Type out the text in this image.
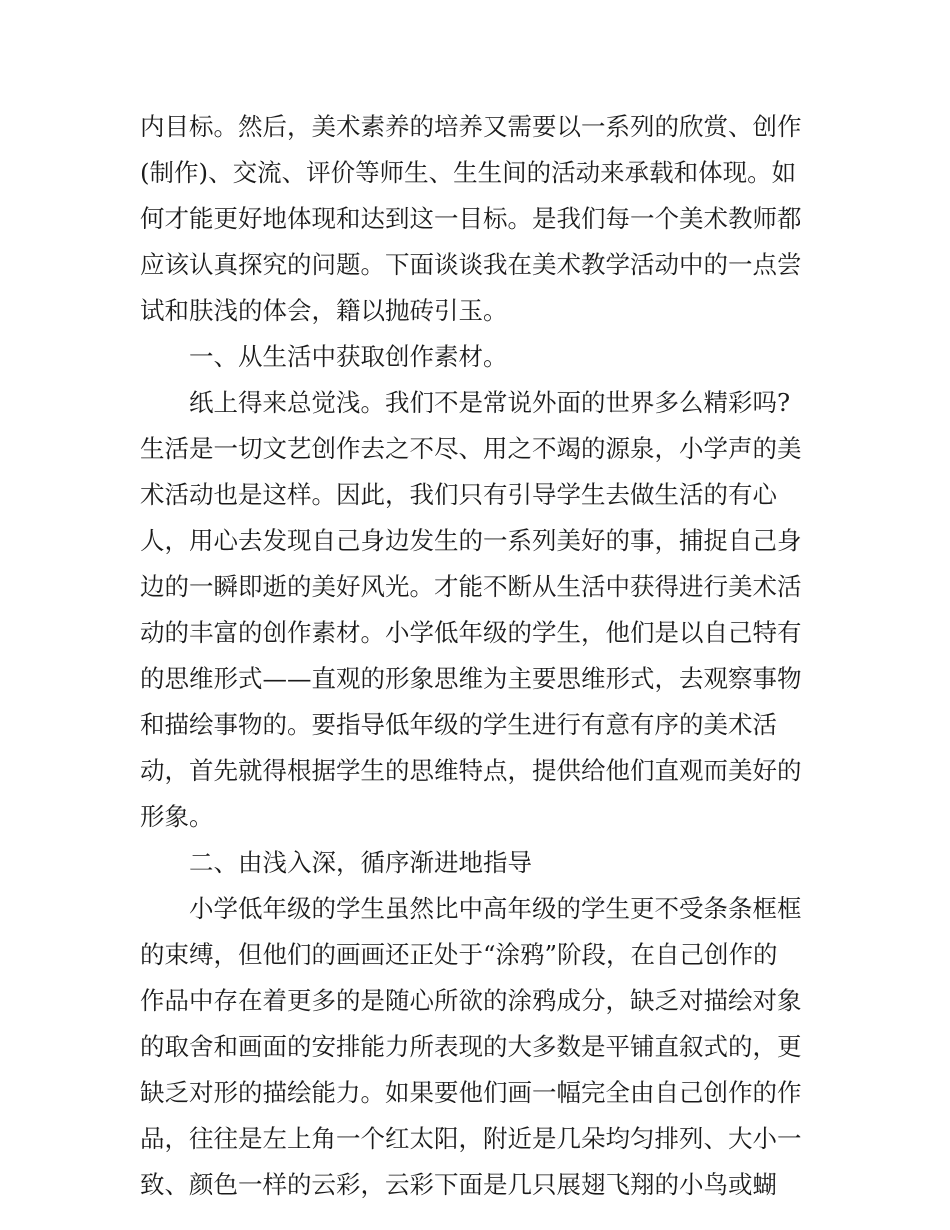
内目标。然后，美术素养的培养又需要以一系列的欣赏、创作
(制作)、交流、评价等师生、生生间的活动来承载和体现。如
何才能更好地体现和达到这一目标。是我们每一个美术教师都
应该认真探究的问题。下面谈谈我在美术教学活动中的一点尝
试和肤浅的体会，籍以抛砖引玉。
一、从生活中获取创作素材。
纸上得来总觉浅。我们不是常说外面的世界多么精彩吗?
生活是一切文艺创作去之不尽、用之不竭的源泉，小学声的美
术活动也是这样。因此，我们只有引导学生去做生活的有心
人，用心去发现自己身边发生的一系列美好的事，捕捉自己身
边的一瞬即逝的美好风光。才能不断从生活中获得进行美术活
动的丰富的创作素材。小学低年级的学生，他们是以自己特有
的思维形式——直观的形象思维为主要思维形式，去观察事物
和描绘事物的。要指导低年级的学生进行有意有序的美术活
动，首先就得根据学生的思维特点，提供给他们直观而美好的
形象。
二、由浅入深，循序渐进地指导
小学低年级的学生虽然比中高年级的学生更不受条条框框
的束缚，但他们的画画还正处于“涂鸦”阶段，在自己创作的
作品中存在着更多的是随心所欲的涂鸦成分，缺乏对描绘对象
的取舍和画面的安排能力所表现的大多数是平铺直叙式的，更
缺乏对形的描绘能力。如果要他们画一幅完全由自己创作的作
品，往往是左上角一个红太阳，附近是几朵均匀排列、大小一
致、颜色一样的云彩，云彩下面是几只展翅飞翔的小鸟或蝴
